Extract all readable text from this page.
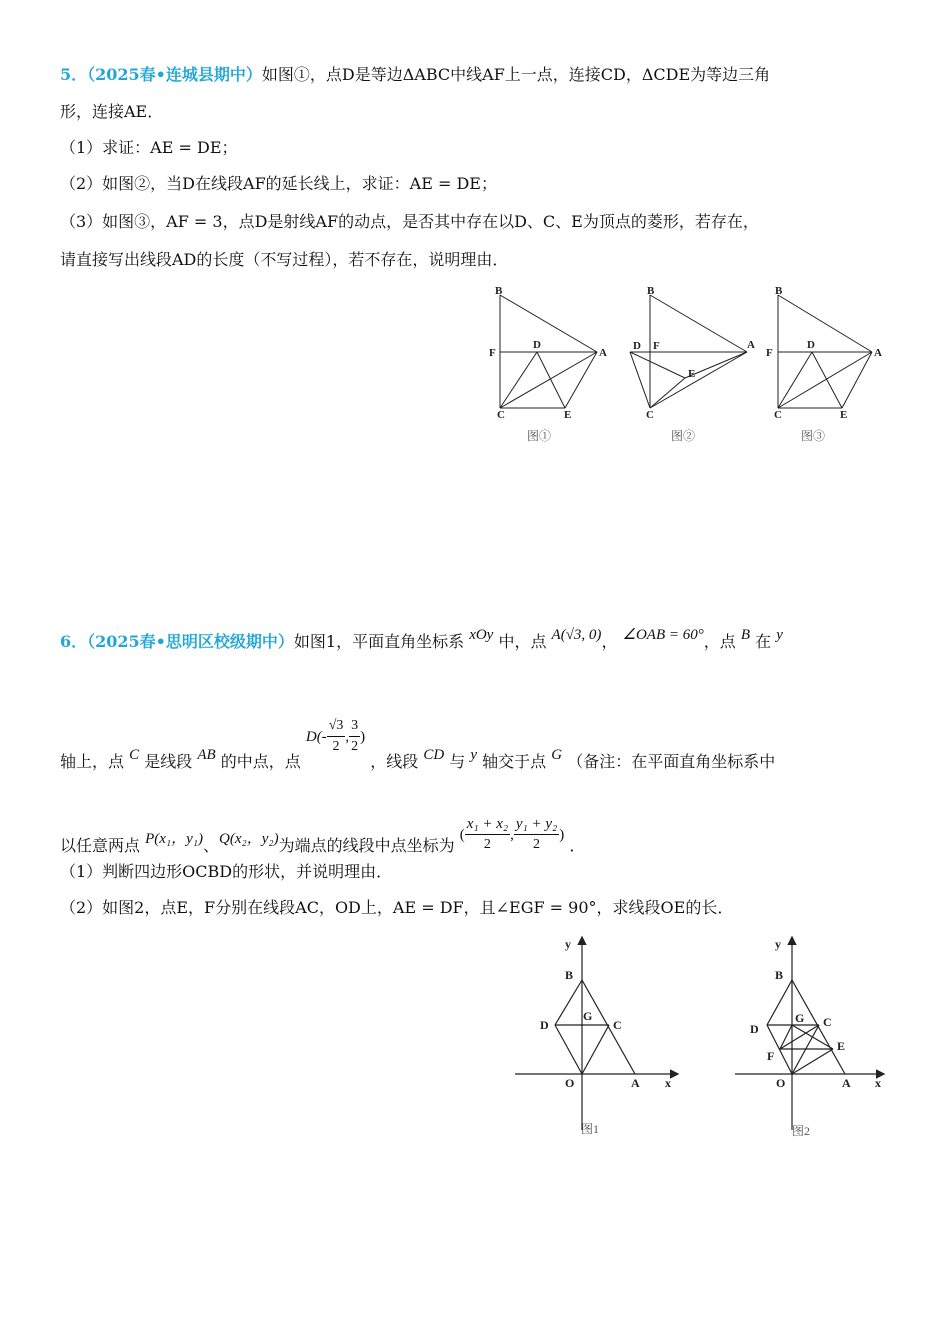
5．（2025春•连城县期中）如图①，点D是等边ΔABC中线AF上一点，连接CD，ΔCDE为等边三角
形，连接AE．
（1）求证：AE = DE；
（2）如图②，当D在线段AF的延长线上，求证：AE = DE；
（3）如图③，AF = 3，点D是射线AF的动点，是否其中存在以D、C、E为顶点的菱形，若存在，
请直接写出线段AD的长度（不写过程），若不存在，说明理由．
B
F
D
A
C	E
图①
B
D F	A
E
C
图②
B
F
D
A
C	E
图③
6．（2025春•思明区校级期中）如图1，平面直角坐标系 xOy 中，点 A(√3, 0)， ∠OAB = 60°，点 B 在 y
轴上，点 C 是线段 AB 的中点，点 $D(- \frac{√3}{2}$ , $\frac{3}{2}$ ) ，线段 CD 与 y 轴交于点 G （备注：在平面直角坐标系中
以任意两点 P(x₁，y₁)、Q(x₂，y₂)为端点的线段中点坐标为 ( $\frac{\text{x₁ + x₂}}{2}$ , $\frac{\text{y₁ + y₂}}{2}$ ) ．
（1）判断四边形OCBD的形状，并说明理由．
（2）如图2，点E，F分别在线段AC，OD上，AE = DF，且∠EGF = 90°，求线段OE的长．
y
B
D
G
C
O	A x
图1
y
B
D
G C
E
F
O	A x
图2
